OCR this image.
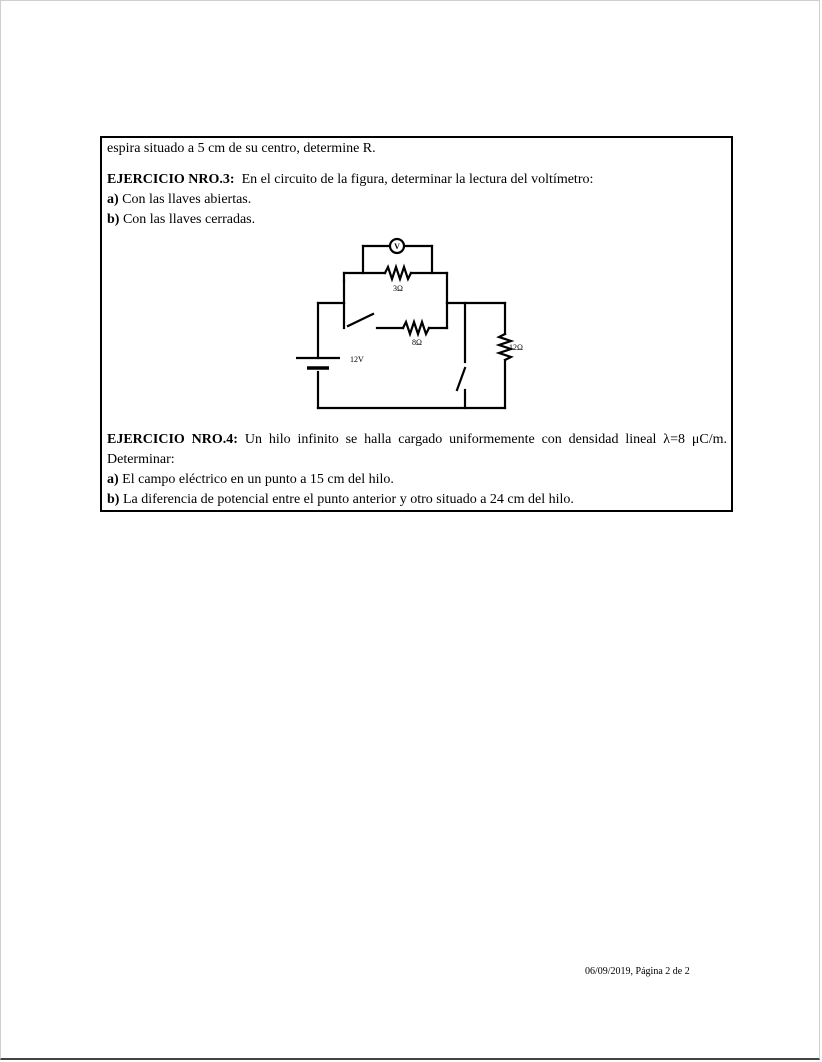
espira situado a 5 cm de su centro, determine R.
EJERCICIO NRO.3: En el circuito de la figura, determinar la lectura del voltímetro:
a) Con las llaves abiertas.
b) Con las llaves cerradas.
V
3Ω
8Ω
12Ω
12V
EJERCICIO NRO.4: Un hilo infinito se halla cargado uniformemente con densidad lineal λ=8 μC/m.
Determinar:
a) El campo eléctrico en un punto a 15 cm del hilo.
b) La diferencia de potencial entre el punto anterior y otro situado a 24 cm del hilo.
06/09/2019, Página 2 de 2
